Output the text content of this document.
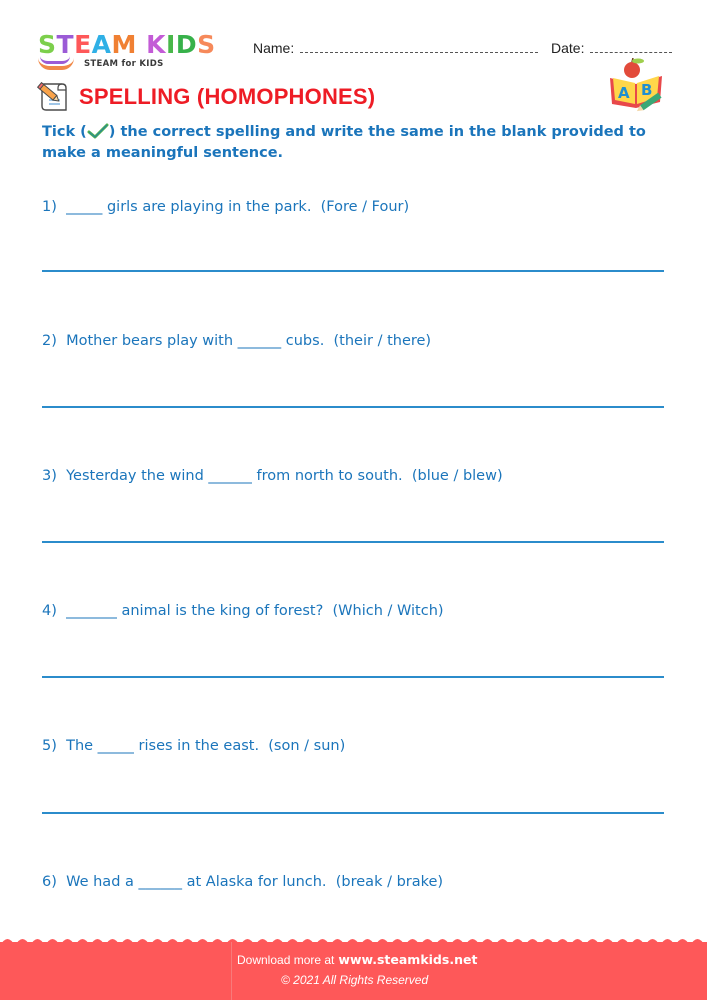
STEAM KIDS
STEAM for KIDS
Name:	Date:
SPELLING (HOMOPHONES)	A B
Tick ( ) the correct spelling and write the same in the blank provided to make a meaningful sentence.
1)  _____ girls are playing in the park.  (Fore / Four)
2)  Mother bears play with ______ cubs.  (their / there)
3)  Yesterday the wind ______ from north to south.  (blue / blew)
4)  _______ animal is the king of forest?  (Which / Witch)
5)  The _____ rises in the east.  (son / sun)
6)  We had a ______ at Alaska for lunch.  (break / brake)
Download more at www.steamkids.net
© 2021 All Rights Reserved
